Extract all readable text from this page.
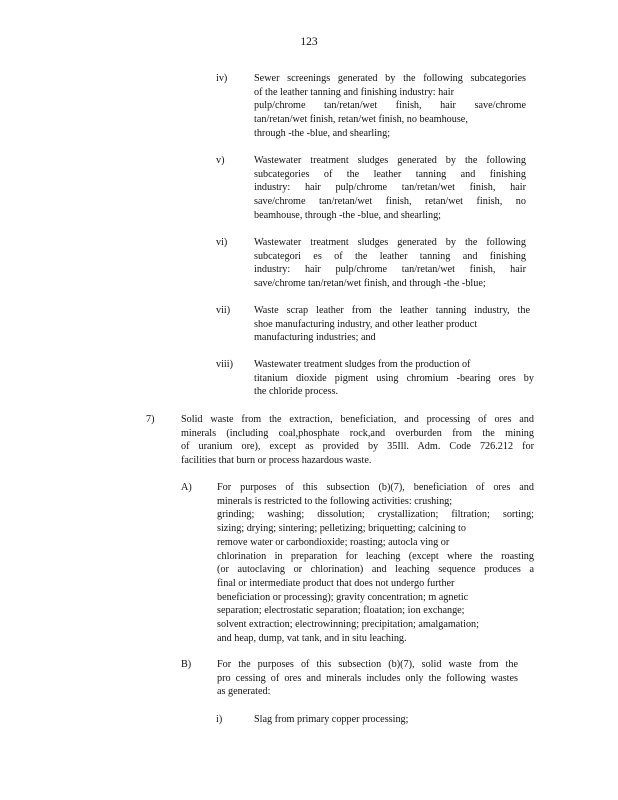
123
iv)	Sewer screenings generated by the following subcategories
of the leather tanning and finishing industry: hair
pulp/chrome tan/retan/wet finish, hair save/chrome
tan/retan/wet finish, retan/wet finish, no beamhouse,
through -the -blue, and shearling;
v)	Wastewater treatment sludges generated by the following
subcategories of the leather tanning and finishing
industry: hair pulp/chrome tan/retan/wet finish, hair
save/chrome tan/retan/wet finish, retan/wet finish, no
beamhouse, through -the -blue, and shearling;
vi)	Wastewater treatment sludges generated by the following
subcategori es of the leather tanning and finishing
industry: hair pulp/chrome tan/retan/wet finish, hair
save/chrome tan/retan/wet finish, and through -the -blue;
vii) Waste scrap leather from the leather tanning industry, the
shoe manufacturing industry, and other leather product
manufacturing industries; and
viii) Wastewater treatment sludges from the production of
titanium dioxide pigment using chromium -bearing ores by
the chloride process.
7)	Solid waste from the extraction, beneficiation, and processing of ores and
minerals (including coal,phosphate rock,and overburden from the mining
of uranium ore), except as provided by 35Ill. Adm. Code 726.212 for
facilities that burn or process hazardous waste.
A) For purposes of this subsection (b)(7), beneficiation of ores and
minerals is restricted to the following activities: crushing;
grinding; washing; dissolution; crystallization; filtration; sorting;
sizing; drying; sintering; pelletizing; briquetting; calcining to
remove water or carbondioxide; roasting; autocla ving or
chlorination in preparation for leaching (except where the roasting
(or autoclaving or chlorination) and leaching sequence produces a
final or intermediate product that does not undergo further
beneficiation or processing); gravity concentration; m agnetic
separation; electrostatic separation; floatation; ion exchange;
solvent extraction; electrowinning; precipitation; amalgamation;
and heap, dump, vat tank, and in situ leaching.
B)	For the purposes of this subsection (b)(7), solid waste from the
pro cessing of ores and minerals includes only the following wastes
as generated:
i)	Slag from primary copper processing;
